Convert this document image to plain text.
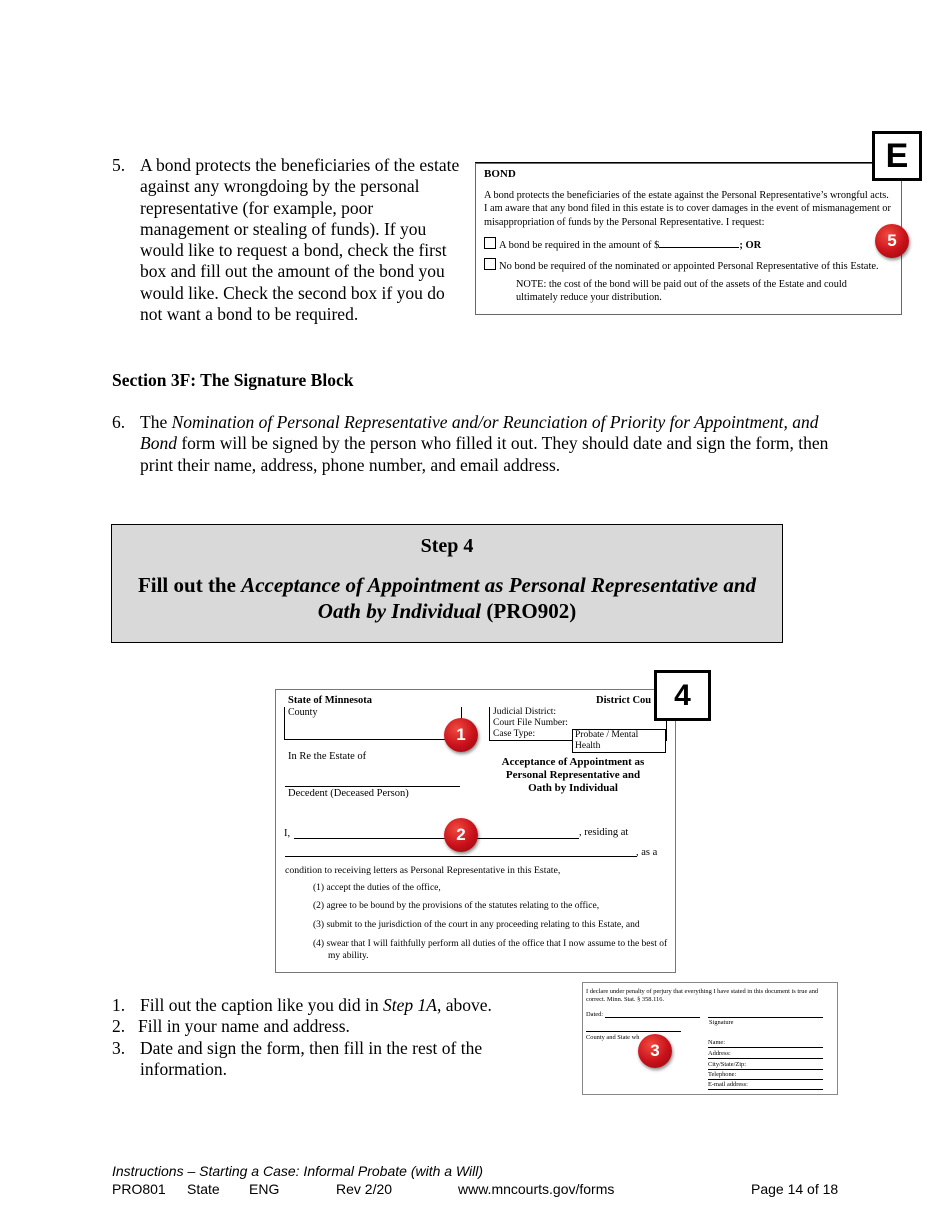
5. A bond protects the beneficiaries of the estate against any wrongdoing by the personal representative (for example, poor management or stealing of funds). If you would like to request a bond, check the first box and fill out the amount of the bond you would like. Check the second box if you do not want a bond to be required.
BOND
A bond protects the beneficiaries of the estate against the Personal Representative’s wrongful acts. I am aware that any bond filed in this estate is to cover damages in the event of mismanagement or misappropriation of funds by the Personal Representative. I request:
A bond be required in the amount of $	; OR
No bond be required of the nominated or appointed Personal Representative of this Estate.
NOTE: the cost of the bond will be paid out of the assets of the Estate and could ultimately reduce your distribution.
E
5
Section 3F: The Signature Block
6. The Nomination of Personal Representative and/or Reunciation of Priority for Appointment, and Bond form will be signed by the person who filled it out. They should date and sign the form, then print their name, address, phone number, and email address.
Step 4
Fill out the Acceptance of Appointment as Personal Representative and Oath by Individual (PRO902)
State of Minnesota	District Cou
County	Judicial District:
Court File Number:
Case Type:	Probate / Mental Health
In Re the Estate of
Decedent (Deceased Person)
Acceptance of Appointment as Personal Representative and Oath by Individual
I,	, residing at
, as a
condition to receiving letters as Personal Representative in this Estate,
(1) accept the duties of the office,
(2) agree to be bound by the provisions of the statutes relating to the office,
(3) submit to the jurisdiction of the court in any proceeding relating to this Estate, and
(4) swear that I will faithfully perform all duties of the office that I now assume to the best of my ability.
4
1
2
1. Fill out the caption like you did in Step 1A, above.
2. Fill in your name and address.
3. Date and sign the form, then fill in the rest of the information.
I declare under penalty of perjury that everything I have stated in this document is true and correct. Minn. Stat. § 358.116.
Dated:
Signature
County and State wh
Name:
Address:
City/State/Zip:
Telephone:
E-mail address:
3
Instructions – Starting a Case: Informal Probate (with a Will)
PRO801 State ENG	Rev 2/20	www.mncourts.gov/forms	Page 14 of 18
